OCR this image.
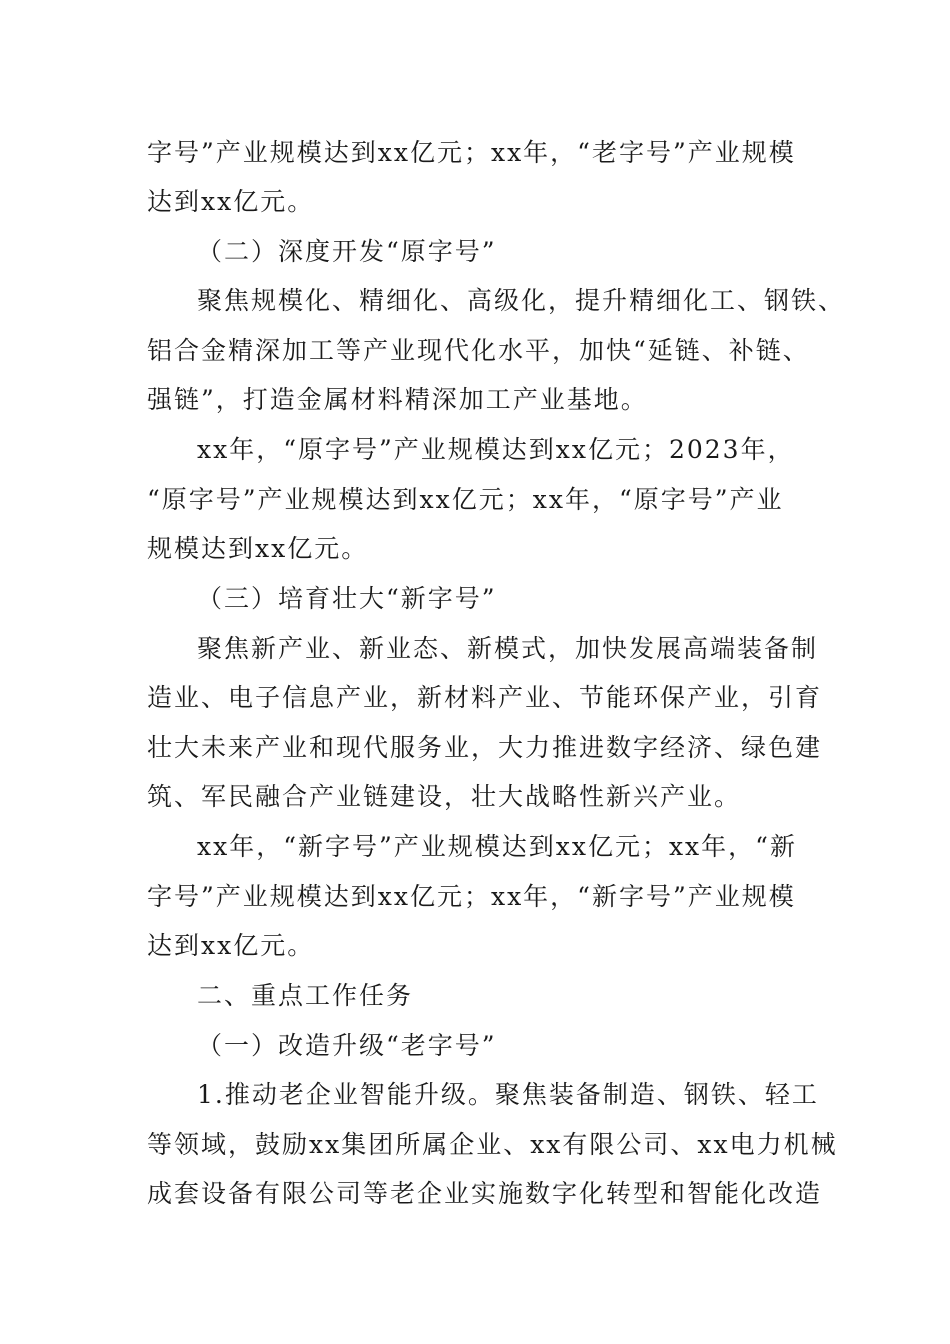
字号”产业规模达到xx亿元；xx年，“老字号”产业规模
达到xx亿元。
（二）深度开发“原字号”
聚焦规模化、精细化、高级化，提升精细化工、钢铁、
铝合金精深加工等产业现代化水平，加快“延链、补链、
强链”，打造金属材料精深加工产业基地。
xx年，“原字号”产业规模达到xx亿元；2023年，
“原字号”产业规模达到xx亿元；xx年，“原字号”产业
规模达到xx亿元。
（三）培育壮大“新字号”
聚焦新产业、新业态、新模式，加快发展高端装备制
造业、电子信息产业，新材料产业、节能环保产业，引育
壮大未来产业和现代服务业，大力推进数字经济、绿色建
筑、军民融合产业链建设，壮大战略性新兴产业。
xx年，“新字号”产业规模达到xx亿元；xx年，“新
字号”产业规模达到xx亿元；xx年，“新字号”产业规模
达到xx亿元。
二、重点工作任务
（一）改造升级“老字号”
1.推动老企业智能升级。聚焦装备制造、钢铁、轻工
等领域，鼓励xx集团所属企业、xx有限公司、xx电力机械
成套设备有限公司等老企业实施数字化转型和智能化改造
